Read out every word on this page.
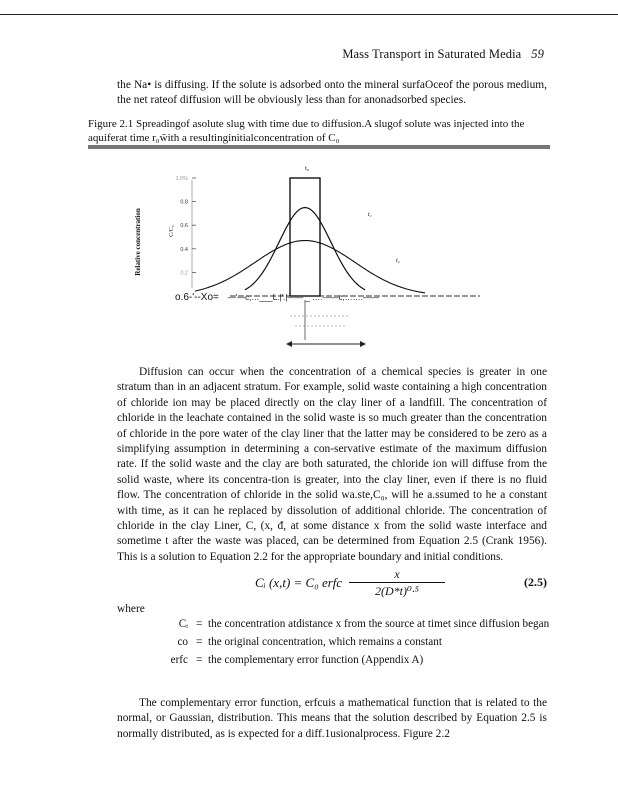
Mass Transport in Saturated Media 59

the Na• is diffusing. If the solute is adsorbed onto the mineral surfaOceof the porous medium, the net rateof diffusion will be obviously less than for anonadsorbed species.

Figure 2.1 Spreadingof asolute slug with time due to diffusion.A slugof solute was injected into the aquiferat time r₀w̃ith a resultinginitialconcentration of C₀

1.0%
0.8
0.6
0.4
0.2
t₀
t₁
t₂
Relative concentration	C/C₀
o.6-'--Xo= —'—c;…___L.|'.|—— _ ….——c;…….——

Diffusion can occur when the concentration of a chemical species is greater in one stratum than in an adjacent stratum. For example, solid waste containing a high concentration of chloride ion may be placed directly on the clay liner of a landfill. The concentration of chloride in the leachate contained in the solid waste is so much greater than the concentration of chloride in the pore water of the clay liner that the latter may be considered to be zero as a simplifying assumption in determining a con-servative estimate of the maximum diffusion rate. If the solid waste and the clay are both saturated, the chloride ion will diffuse from the solid waste, where its concentra-tion is greater, into the clay liner, even if there is no fluid flow. The concentration of chloride in the solid wa.ste,C₀, will he a.ssumed to he a constant with time, as it can he replaced by dissolution of additional chloride. The concentration of chloride in the clay Liner, C, (x, đ, at some distance x from the solid waste interface and sometime t after the waste was placed, can be determined from Equation 2.5 (Crank 1956). This is a solution to Equation 2.2 for the appropriate boundary and initial conditions.

Cᵢ (x,t) = C₀ erfc
x
2(D*t)⁰·⁵
(2.5)
where
Cᵢ = the concentration atdistance x from the source at timet since diffusion began
co = the original concentration, which remains a constant
erfc = the complementary error function (Appendix A)

The complementary error function, erfcuis a mathematical function that is related to the normal, or Gaussian, distribution. This means that the solution described by Equation 2.5 is normally distributed, as is expected for a diff.1usionalprocess. Figure 2.2
